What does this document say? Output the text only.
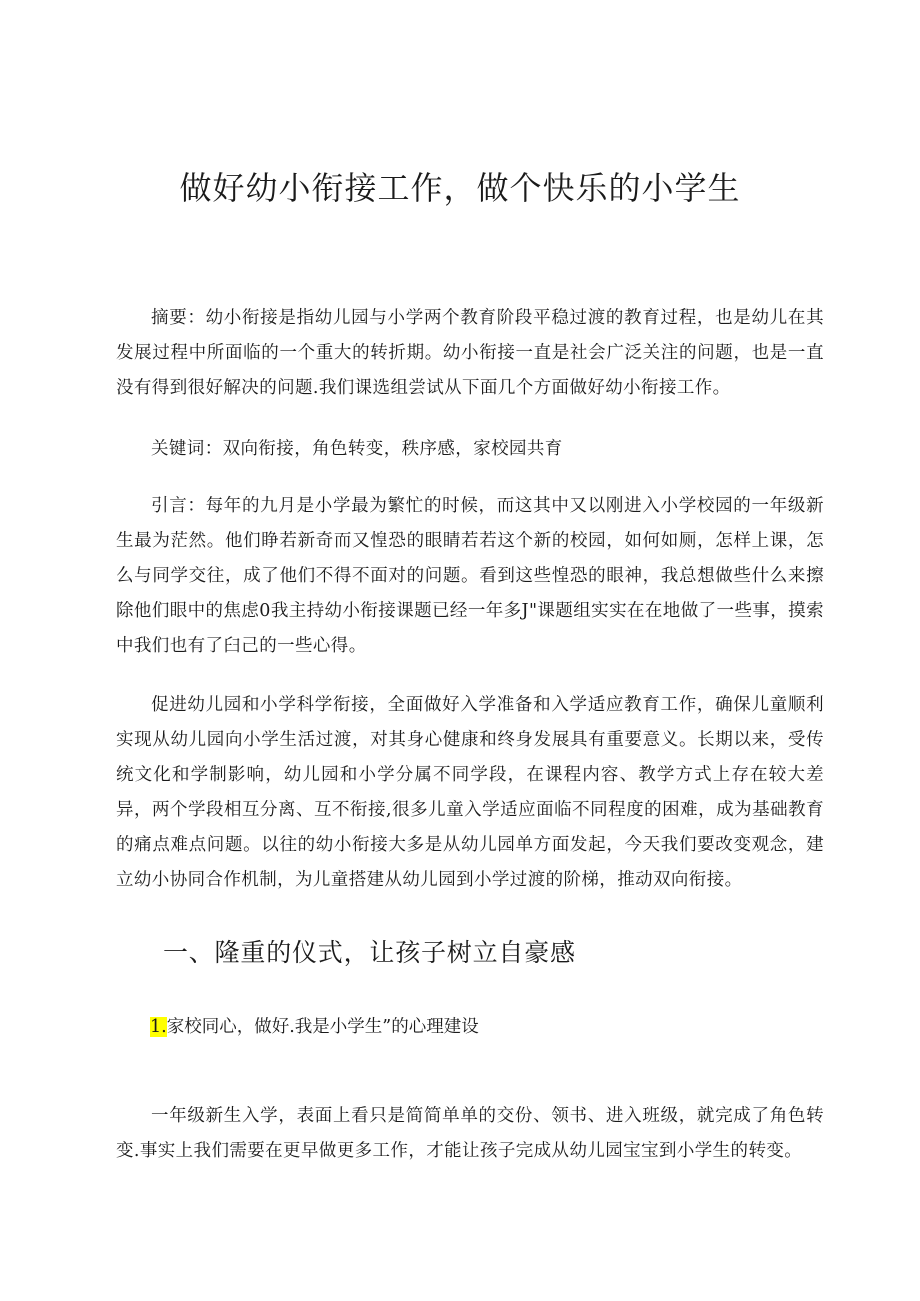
做好幼小衔接工作，做个快乐的小学生

摘要：幼小衔接是指幼儿园与小学两个教育阶段平稳过渡的教育过程，也是幼儿在其发展过程中所面临的一个重大的转折期。幼小衔接一直是社会广泛关注的问题，也是一直没有得到很好解决的问题.我们课选组尝试从下面几个方面做好幼小衔接工作。

关键词：双向衔接，角色转变，秩序感，家校园共育

引言：每年的九月是小学最为繁忙的时候，而这其中又以刚进入小学校园的一年级新生最为茫然。他们睁若新奇而又惶恐的眼睛若若这个新的校园，如何如厕，怎样上课，怎么与同学交往，成了他们不得不面对的问题。看到这些惶恐的眼神，我总想做些什么来擦除他们眼中的焦虑0我主持幼小衔接课题已经一年多J"课题组实实在在地做了一些事，摸索中我们也有了臼己的一些心得。

促进幼儿园和小学科学衔接，全面做好入学准备和入学适应教育工作，确保儿童顺利实现从幼儿园向小学生活过渡，对其身心健康和终身发展具有重要意义。长期以来，受传统文化和学制影响，幼儿园和小学分属不同学段，在课程内容、教学方式上存在较大差异，两个学段相互分离、互不衔接,很多儿童入学适应面临不同程度的困难，成为基础教育的痛点难点问题。以往的幼小衔接大多是从幼儿园单方面发起，今天我们要改变观念，建立幼小协同合作机制，为儿童搭建从幼儿园到小学过渡的阶梯，推动双向衔接。

一、隆重的仪式，让孩子树立自豪感

1.家校同心，做好.我是小学生”的心理建设

一年级新生入学，表面上看只是简简单单的交份、领书、进入班级，就完成了角色转变.事实上我们需要在更早做更多工作，才能让孩子完成从幼儿园宝宝到小学生的转变。
